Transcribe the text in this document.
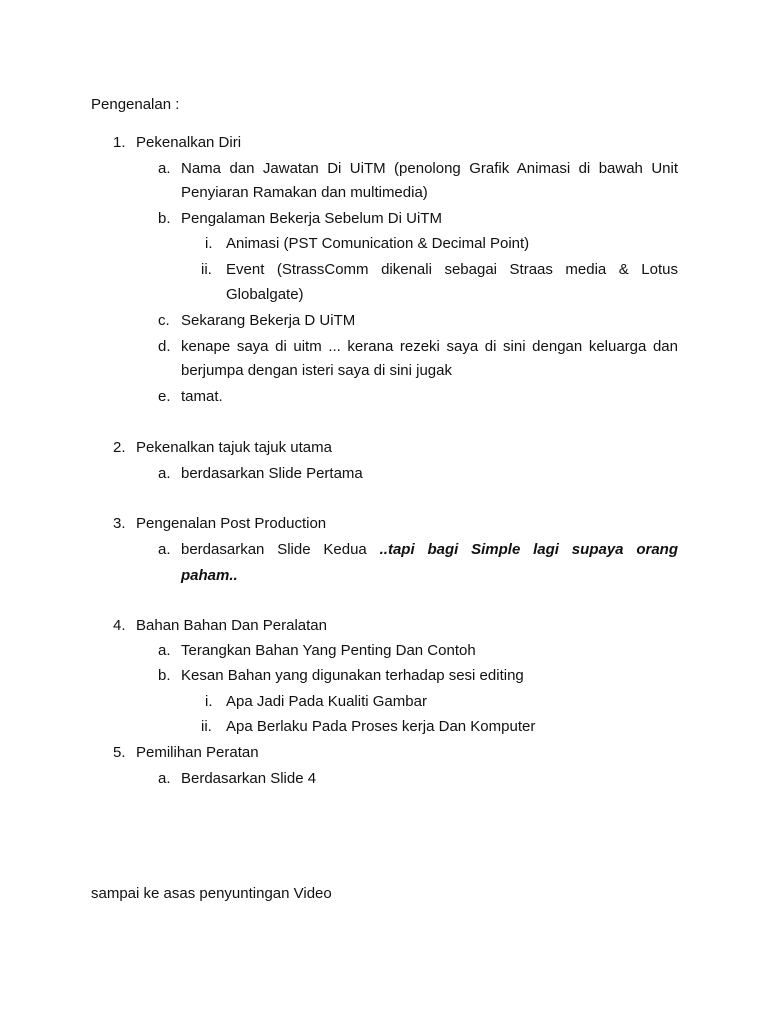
Pengenalan :
1. Pekenalkan Diri
a. Nama dan Jawatan Di UiTM (penolong Grafik Animasi di bawah Unit
Penyiaran Ramakan dan multimedia)
b. Pengalaman Bekerja Sebelum Di UiTM
i. Animasi (PST Comunication & Decimal Point)
ii. Event (StrassComm dikenali sebagai Straas media & Lotus
Globalgate)
c. Sekarang Bekerja D UiTM
d. kenape saya di uitm ... kerana rezeki saya di sini dengan keluarga dan
berjumpa dengan isteri saya di sini jugak
e. tamat.
2. Pekenalkan tajuk tajuk utama
a. berdasarkan Slide Pertama
3. Pengenalan Post Production
a. berdasarkan Slide Kedua ..tapi bagi Simple lagi supaya orang
paham..
4. Bahan Bahan Dan Peralatan
a. Terangkan Bahan Yang Penting Dan Contoh
b. Kesan Bahan yang digunakan terhadap sesi editing
i. Apa Jadi Pada Kualiti Gambar
ii. Apa Berlaku Pada Proses kerja Dan Komputer
5. Pemilihan Peratan
a. Berdasarkan Slide 4
sampai ke asas penyuntingan Video
